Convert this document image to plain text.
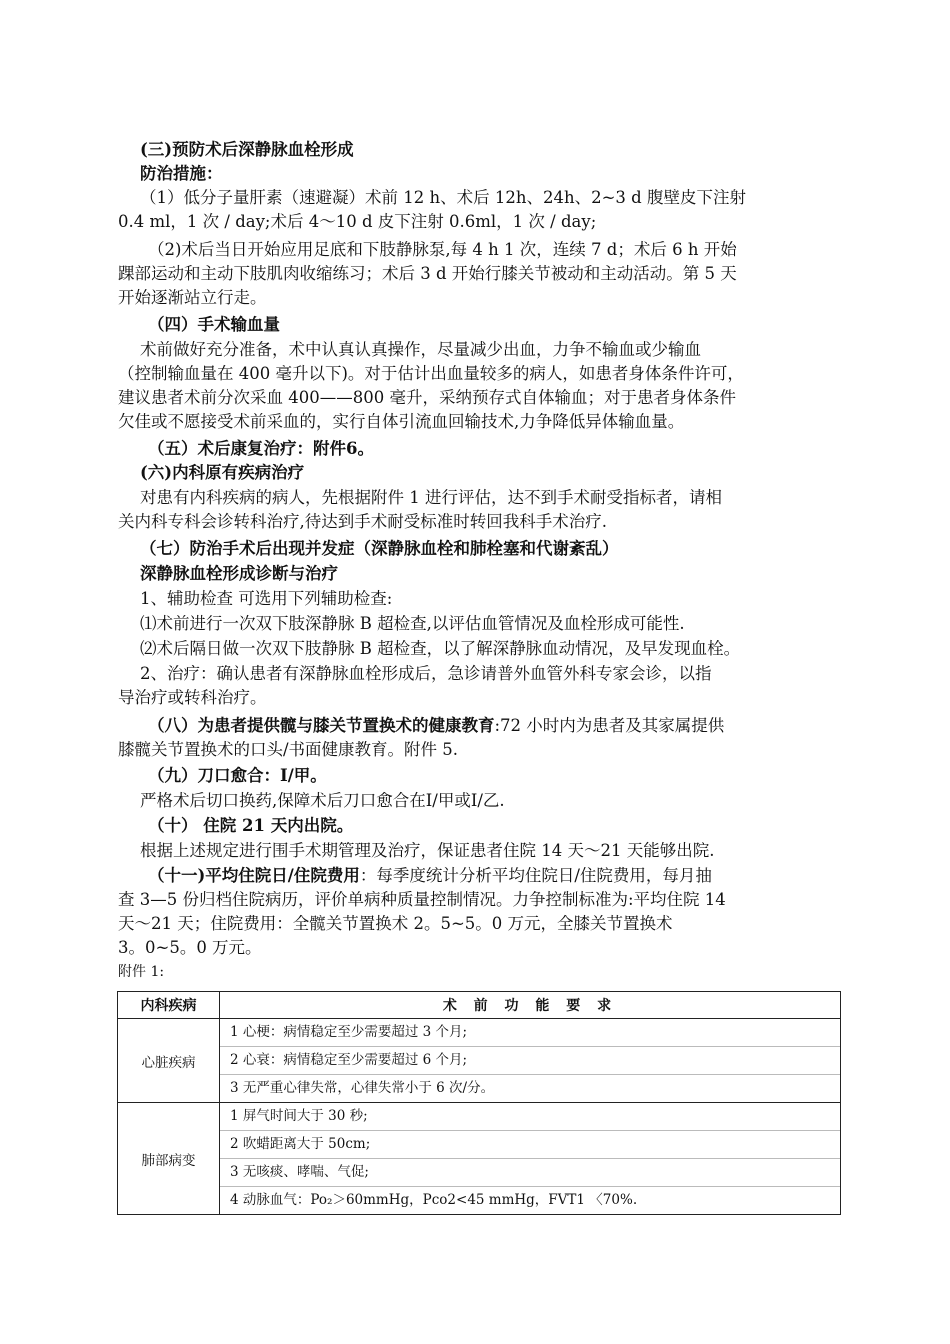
(三)预防术后深静脉血栓形成
防治措施：
（1）低分子量肝素（速避凝）术前 12 h、术后 12h、24h、2~3 d 腹壁皮下注射
0.4 ml，1 次 / day;术后 4～10 d 皮下注射 0.6ml，1 次 / day;
（2)术后当日开始应用足底和下肢静脉泵,每 4 h 1 次，连续 7 d；术后 6 h 开始
踝部运动和主动下肢肌肉收缩练习；术后 3 d 开始行膝关节被动和主动活动。第 5 天
开始逐渐站立行走。
（四）手术输血量
术前做好充分准备，术中认真认真操作，尽量减少出血，力争不输血或少输血
（控制输血量在 400 毫升以下)。对于估计出血量较多的病人，如患者身体条件许可，
建议患者术前分次采血 400——800 毫升，采纳预存式自体输血；对于患者身体条件
欠佳或不愿接受术前采血的，实行自体引流血回输技术,力争降低异体输血量。
（五）术后康复治疗：附件6。
(六)内科原有疾病治疗
对患有内科疾病的病人，先根据附件 1 进行评估，达不到手术耐受指标者，请相
关内科专科会诊转科治疗,待达到手术耐受标准时转回我科手术治疗.
（七）防治手术后出现并发症（深静脉血栓和肺栓塞和代谢紊乱）
深静脉血栓形成诊断与治疗
1、辅助检查 可选用下列辅助检查:
⑴术前进行一次双下肢深静脉 B 超检查,以评估血管情况及血栓形成可能性.
⑵术后隔日做一次双下肢静脉 B 超检查，以了解深静脉血动情况，及早发现血栓。
2、治疗：确认患者有深静脉血栓形成后，急诊请普外血管外科专家会诊，以指
导治疗或转科治疗。
（八）为患者提供髋与膝关节置换术的健康教育:72 小时内为患者及其家属提供
膝髋关节置换术的口头/书面健康教育。附件 5.
（九）刀口愈合：Ⅰ/甲。
严格术后切口换药,保障术后刀口愈合在Ⅰ/甲或Ⅰ/乙.
（十） 住院 21 天内出院。
根据上述规定进行围手术期管理及治疗，保证患者住院 14 天～21 天能够出院.
（十一)平均住院日/住院费用：每季度统计分析平均住院日/住院费用，每月抽
查 3—5 份归档住院病历，评价单病种质量控制情况。力争控制标准为:平均住院 14
天～21 天；住院费用：全髋关节置换术 2。5~5。0 万元，全膝关节置换术
3。0~5。0 万元。
附件 1:
内科疾病	术 前 功 能 要 求
心脏疾病	1 心梗：病情稳定至少需要超过 3 个月;
2 心衰：病情稳定至少需要超过 6 个月;
3 无严重心律失常，心律失常小于 6 次/分。

肺部病变	1 屏气时间大于 30 秒;
2 吹蜡距离大于 50cm;
3 无咳痰、哮喘、气促;
4 动脉血气：Po₂＞60mmHg，Pco2<45 mmHg，FVT1 〈70%.
